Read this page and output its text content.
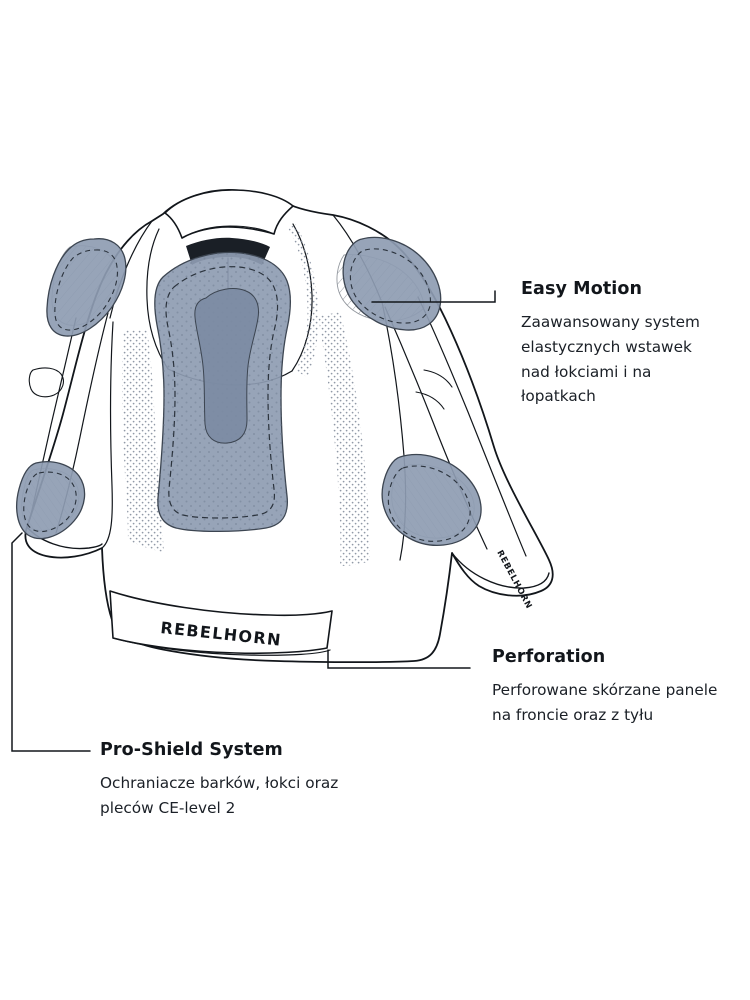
REBELHORN
REBELHORN

Easy Motion

Zaawansowany system elastycznych wstawek nad łokciami i na łopatkach

Perforation

Perforowane skórzane panele na froncie oraz z tyłu

Pro-Shield System

Ochraniacze barków, łokci oraz pleców CE-level 2
